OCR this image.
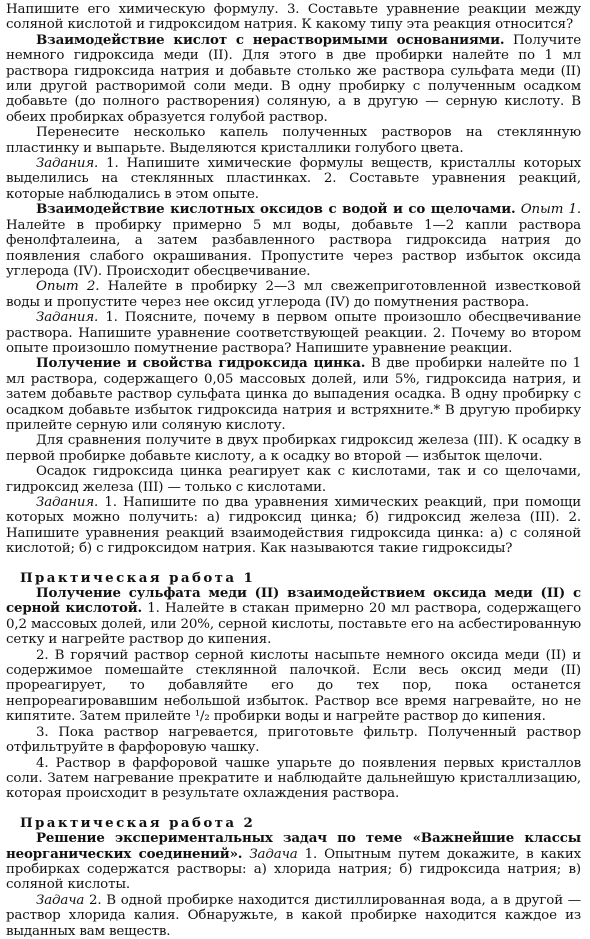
Напишите его химическую формулу. 3. Составьте уравнение реакции между соляной кислотой и гидроксидом натрия. К какому типу эта реакция относится?

Взаимодействие кислот с нерастворимыми основаниями. Получите немного гидроксида меди (II). Для этого в две пробирки налейте по 1 мл раствора гидроксида натрия и добавьте столько же раствора сульфата меди (II) или другой растворимой соли меди. В одну пробирку с полученным осадком добавьте (до полного растворения) соляную, а в другую — серную кислоту. В обеих пробирках образуется голубой раствор.

Перенесите несколько капель полученных растворов на стеклянную пластинку и выпарьте. Выделяются кристаллики голубого цвета.

Задания. 1. Напишите химические формулы веществ, кристаллы которых выделились на стеклянных пластинках. 2. Составьте уравнения реакций, которые наблюдались в этом опыте.

Взаимодействие кислотных оксидов с водой и со щелочами. Опыт 1. Налейте в пробирку примерно 5 мл воды, добавьте 1—2 капли раствора фенолфталеина, а затем разбавленного раствора гидроксида натрия до появления слабого окрашивания. Пропустите через раствор избыток оксида углерода (IV). Происходит обесцвечивание.

Опыт 2. Налейте в пробирку 2—3 мл свежеприготовленной известковой воды и пропустите через нее оксид углерода (IV) до помутнения раствора.

Задания. 1. Поясните, почему в первом опыте произошло обесцвечивание раствора. Напишите уравнение соответствующей реакции. 2. Почему во втором опыте произошло помутнение раствора? Напишите уравнение реакции.

Получение и свойства гидроксида цинка. В две пробирки налейте по 1 мл раствора, содержащего 0,05 массовых долей, или 5%, гидроксида натрия, и затем добавьте раствор сульфата цинка до выпадения осадка. В одну пробирку с осадком добавьте избыток гидроксида натрия и встряхните.* В другую пробирку прилейте серную или соляную кислоту.

Для сравнения получите в двух пробирках гидроксид железа (III). К осадку в первой пробирке добавьте кислоту, а к осадку во второй — избыток щелочи.

Осадок гидроксида цинка реагирует как с кислотами, так и со щелочами, гидроксид железа (III) — только с кислотами.

Задания. 1. Напишите по два уравнения химических реакций, при помощи которых можно получить: а) гидроксид цинка; б) гидроксид железа (III). 2. Напишите уравнения реакций взаимодействия гидроксида цинка: а) с соляной кислотой; б) с гидроксидом натрия. Как называются такие гидроксиды?

Практическая работа 1

Получение сульфата меди (II) взаимодействием оксида меди (II) с серной кислотой. 1. Налейте в стакан примерно 20 мл раствора, содержащего 0,2 массовых долей, или 20%, серной кислоты, поставьте его на асбестированную сетку и нагрейте раствор до кипения.

2. В горячий раствор серной кислоты насыпьте немного оксида меди (II) и содержимое помешайте стеклянной палочкой. Если весь оксид меди (II) прореагирует, то добавляйте его до тех пор, пока останется непрореагировавшим небольшой избыток. Раствор все время нагревайте, но не кипятите. Затем прилейте ¹/₂ пробирки воды и нагрейте раствор до кипения.

3. Пока раствор нагревается, приготовьте фильтр. Полученный раствор отфильтруйте в фарфоровую чашку.

4. Раствор в фарфоровой чашке упарьте до появления первых кристаллов соли. Затем нагревание прекратите и наблюдайте дальнейшую кристаллизацию, которая происходит в результате охлаждения раствора.

Практическая работа 2

Решение экспериментальных задач по теме «Важнейшие классы неорганических соединений». Задача 1. Опытным путем докажите, в каких пробирках содержатся растворы: а) хлорида натрия; б) гидроксида натрия; в) соляной кислоты.

Задача 2. В одной пробирке находится дистиллированная вода, а в другой — раствор хлорида калия. Обнаружьте, в какой пробирке находится каждое из выданных вам веществ.
